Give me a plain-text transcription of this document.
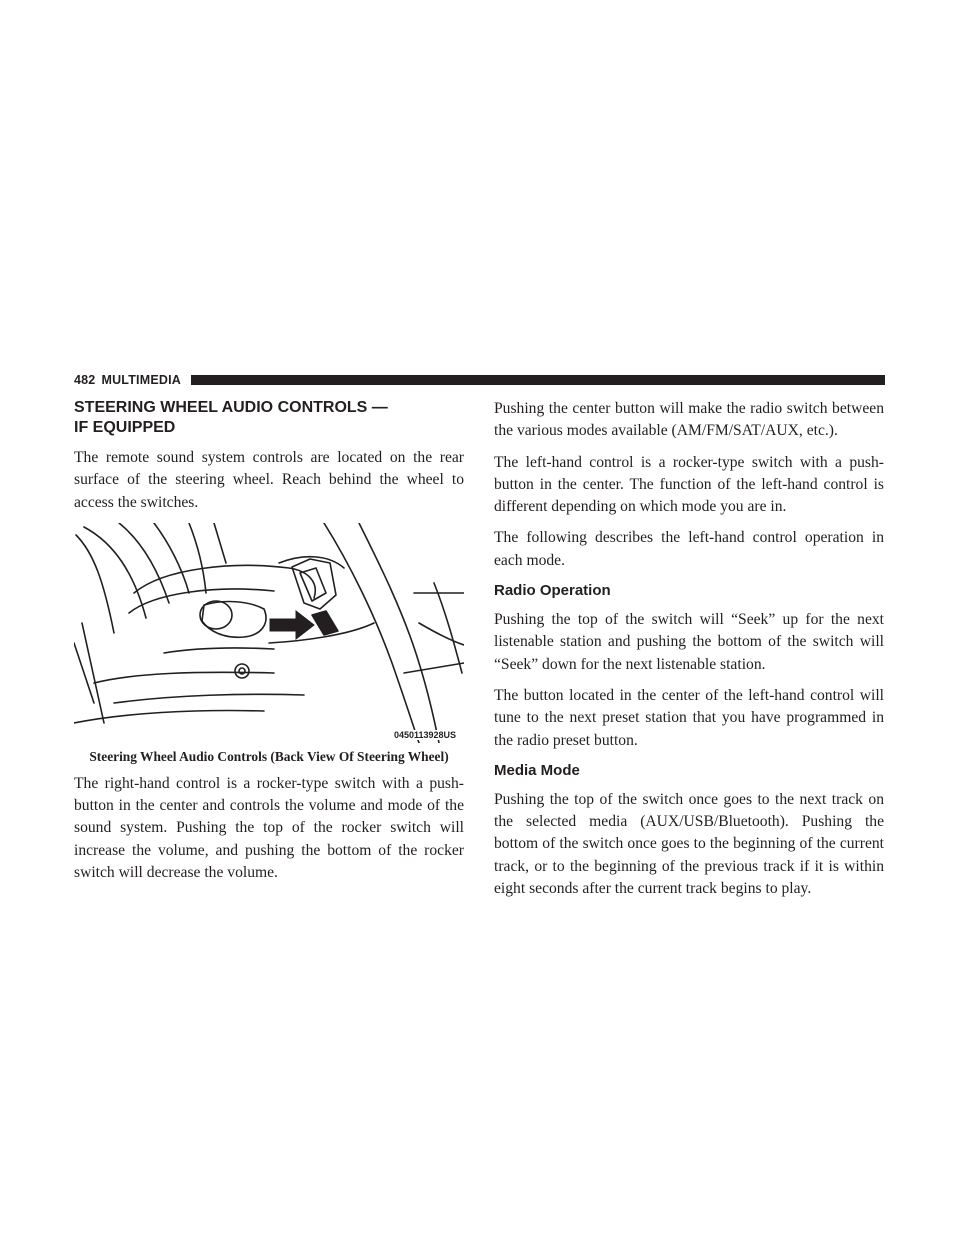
482 MULTIMEDIA
STEERING WHEEL AUDIO CONTROLS —
IF EQUIPPED

The remote sound system controls are located on the rear surface of the steering wheel. Reach behind the wheel to access the switches.

0450113928US
Steering Wheel Audio Controls (Back View Of Steering Wheel)

The right-hand control is a rocker-type switch with a push-button in the center and controls the volume and mode of the sound system. Pushing the top of the rocker switch will increase the volume, and pushing the bottom of the rocker switch will decrease the volume.

Pushing the center button will make the radio switch between the various modes available (AM/FM/SAT/AUX, etc.).

The left-hand control is a rocker-type switch with a push-button in the center. The function of the left-hand control is different depending on which mode you are in.

The following describes the left-hand control operation in each mode.

Radio Operation

Pushing the top of the switch will “Seek” up for the next listenable station and pushing the bottom of the switch will “Seek” down for the next listenable station.

The button located in the center of the left-hand control will tune to the next preset station that you have programmed in the radio preset button.

Media Mode

Pushing the top of the switch once goes to the next track on the selected media (AUX/USB/Bluetooth). Pushing the bottom of the switch once goes to the beginning of the current track, or to the beginning of the previous track if it is within eight seconds after the current track begins to play.
